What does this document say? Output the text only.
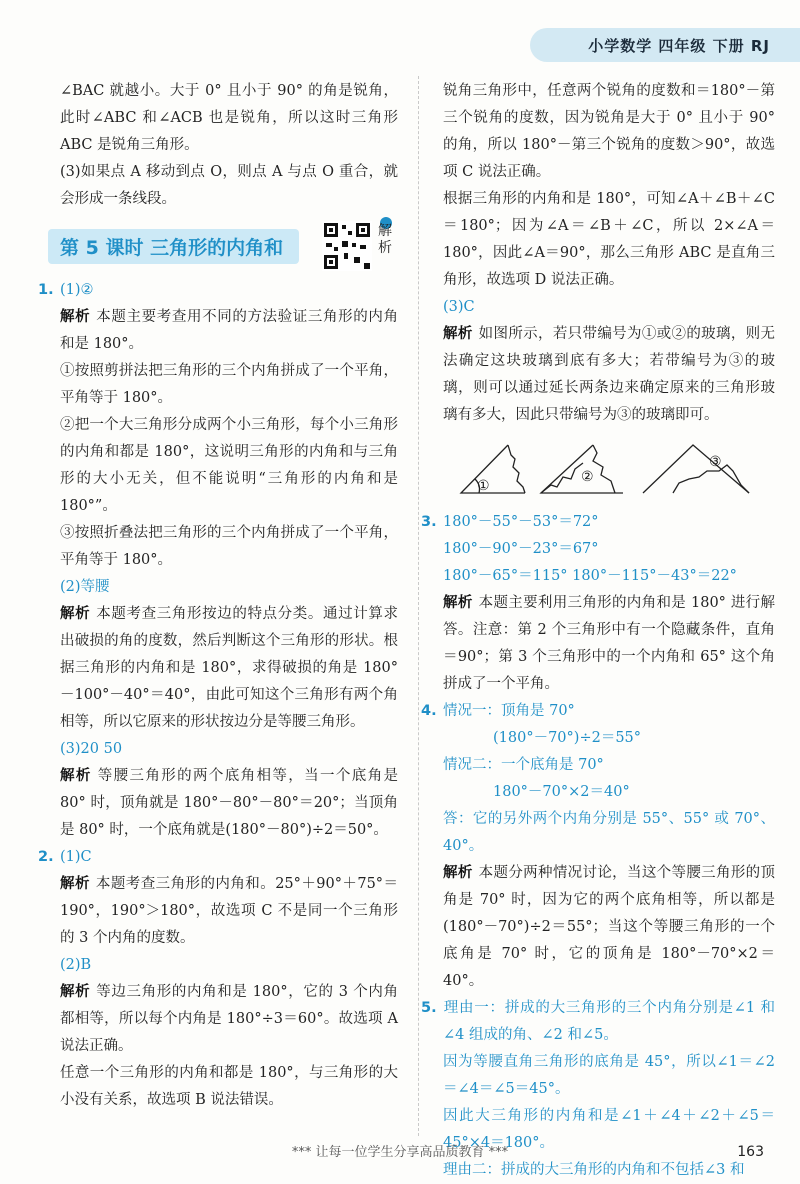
小学数学 四年级 下册 RJ

∠BAC 就越小。大于 0° 且小于 90° 的角是锐角，此时∠ABC 和∠ACB 也是锐角，所以这时三角形 ABC 是锐角三角形。

(3)如果点 A 移动到点 O，则点 A 与点 O 重合，就会形成一条线段。

第 5 课时 三角形的内角和
解析

1. (1)②

解析 本题主要考查用不同的方法验证三角形的内角和是 180°。

①按照剪拼法把三角形的三个内角拼成了一个平角，平角等于 180°。

②把一个大三角形分成两个小三角形，每个小三角形的内角和都是 180°，这说明三角形的内角和与三角形的大小无关，但不能说明“三角形的内角和是 180°”。

③按照折叠法把三角形的三个内角拼成了一个平角，平角等于 180°。

(2)等腰

解析 本题考查三角形按边的特点分类。通过计算求出破损的角的度数，然后判断这个三角形的形状。根据三角形的内角和是 180°，求得破损的角是 180°－100°－40°＝40°，由此可知这个三角形有两个角相等，所以它原来的形状按边分是等腰三角形。

(3)20 50

解析 等腰三角形的两个底角相等，当一个底角是 80° 时，顶角就是 180°－80°－80°＝20°；当顶角是 80° 时，一个底角就是(180°－80°)÷2＝50°。

2. (1)C

解析 本题考查三角形的内角和。25°＋90°＋75°＝190°，190°＞180°，故选项 C 不是同一个三角形的 3 个内角的度数。

(2)B

解析 等边三角形的内角和是 180°，它的 3 个内角都相等，所以每个内角是 180°÷3＝60°。故选项 A 说法正确。

任意一个三角形的内角和都是 180°，与三角形的大小没有关系，故选项 B 说法错误。

锐角三角形中，任意两个锐角的度数和＝180°－第三个锐角的度数，因为锐角是大于 0° 且小于 90° 的角，所以 180°－第三个锐角的度数＞90°，故选项 C 说法正确。

根据三角形的内角和是 180°，可知∠A＋∠B＋∠C＝180°；因为∠A＝∠B＋∠C，所以 2×∠A＝180°，因此∠A＝90°，那么三角形 ABC 是直角三角形，故选项 D 说法正确。

(3)C

解析 如图所示，若只带编号为①或②的玻璃，则无法确定这块玻璃到底有多大；若带编号为③的玻璃，则可以通过延长两条边来确定原来的三角形玻璃有多大，因此只带编号为③的玻璃即可。

①
②
③

3. 180°－55°－53°＝72°

180°－90°－23°＝67°

180°－65°＝115° 180°－115°－43°＝22°

解析 本题主要利用三角形的内角和是 180° 进行解答。注意：第 2 个三角形中有一个隐藏条件，直角＝90°；第 3 个三角形中的一个内角和 65° 这个角拼成了一个平角。

4. 情况一：顶角是 70°

(180°－70°)÷2＝55°

情况二：一个底角是 70°

180°－70°×2＝40°

答：它的另外两个内角分别是 55°、55° 或 70°、40°。

解析 本题分两种情况讨论，当这个等腰三角形的顶角是 70° 时，因为它的两个底角相等，所以都是(180°－70°)÷2＝55°；当这个等腰三角形的一个底角是 70° 时，它的顶角是 180°－70°×2＝40°。

5. 理由一：拼成的大三角形的三个内角分别是∠1 和∠4 组成的角、∠2 和∠5。

因为等腰直角三角形的底角是 45°，所以∠1＝∠2＝∠4＝∠5＝45°。

因此大三角形的内角和是∠1＋∠4＋∠2＋∠5＝45°×4＝180°。

理由二：拼成的大三角形的内角和不包括∠3 和

*** 让每一位学生分享高品质教育 ***	163
